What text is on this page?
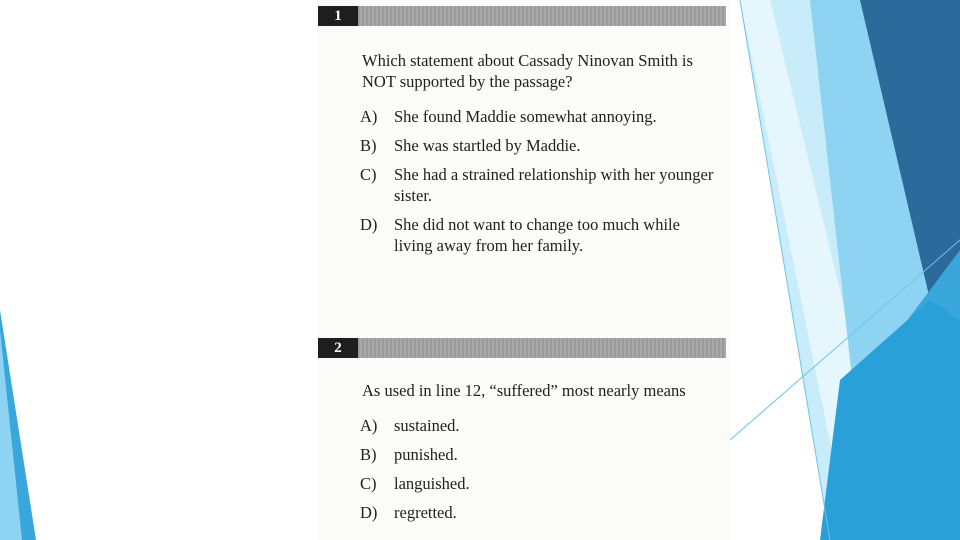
1
Which statement about Cassady Ninovan Smith is NOT supported by the passage?
A)	She found Maddie somewhat annoying.
B)	She was startled by Maddie.
C)	She had a strained relationship with her younger sister.
D)	She did not want to change too much while living away from her family.
2
As used in line 12, “suffered” most nearly means
A)	sustained.
B)	punished.
C)	languished.
D)	regretted.
